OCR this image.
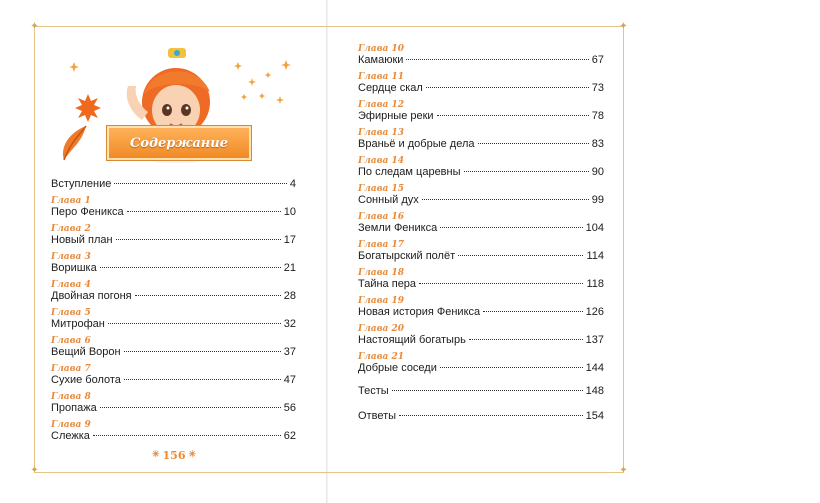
✦
✦
✦
✦
Содержание
Вступление	4
Глава 1
Перо Феникса	10
Глава 2
Новый план	17
Глава 3
Воришка	21
Глава 4
Двойная погоня	28
Глава 5
Митрофан	32
Глава 6
Вещий Ворон	37
Глава 7
Сухие болота	47
Глава 8
Пропажа	56
Глава 9
Слежка	62
Глава 10
Камаюки	67
Глава 11
Сердце скал	73
Глава 12
Эфирные реки	78
Глава 13
Враньё и добрые дела	83
Глава 14
По следам царевны	90
Глава 15
Сонный дух	99
Глава 16
Земли Феникса	104
Глава 17
Богатырский полёт	114
Глава 18
Тайна пера	118
Глава 19
Новая история Феникса	126
Глава 20
Настоящий богатырь	137
Глава 21
Добрые соседи	144
Тесты	148
Ответы	154
✳ 156 ✳
